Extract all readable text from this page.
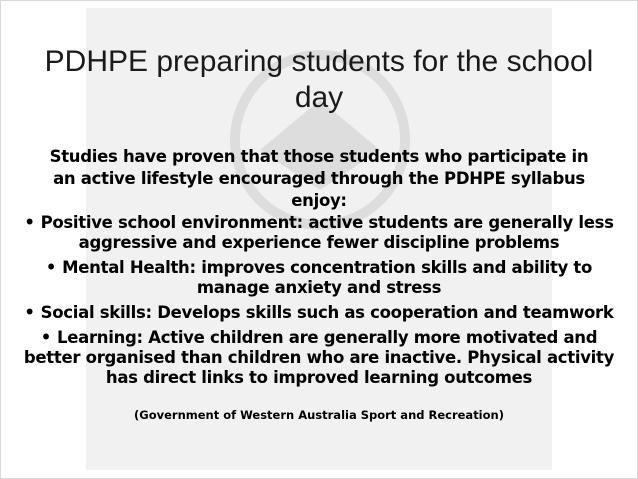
PDHPE preparing students for the school day
Studies have proven that those students who participate in an active lifestyle encouraged through the PDHPE syllabus enjoy:
• Positive school environment: active students are generally less aggressive and experience fewer discipline problems
• Mental Health: improves concentration skills and ability to manage anxiety and stress
• Social skills: Develops skills such as cooperation and teamwork
• Learning: Active children are generally more motivated and better organised than children who are inactive. Physical activity has direct links to improved learning outcomes
(Government of Western Australia Sport and Recreation)
